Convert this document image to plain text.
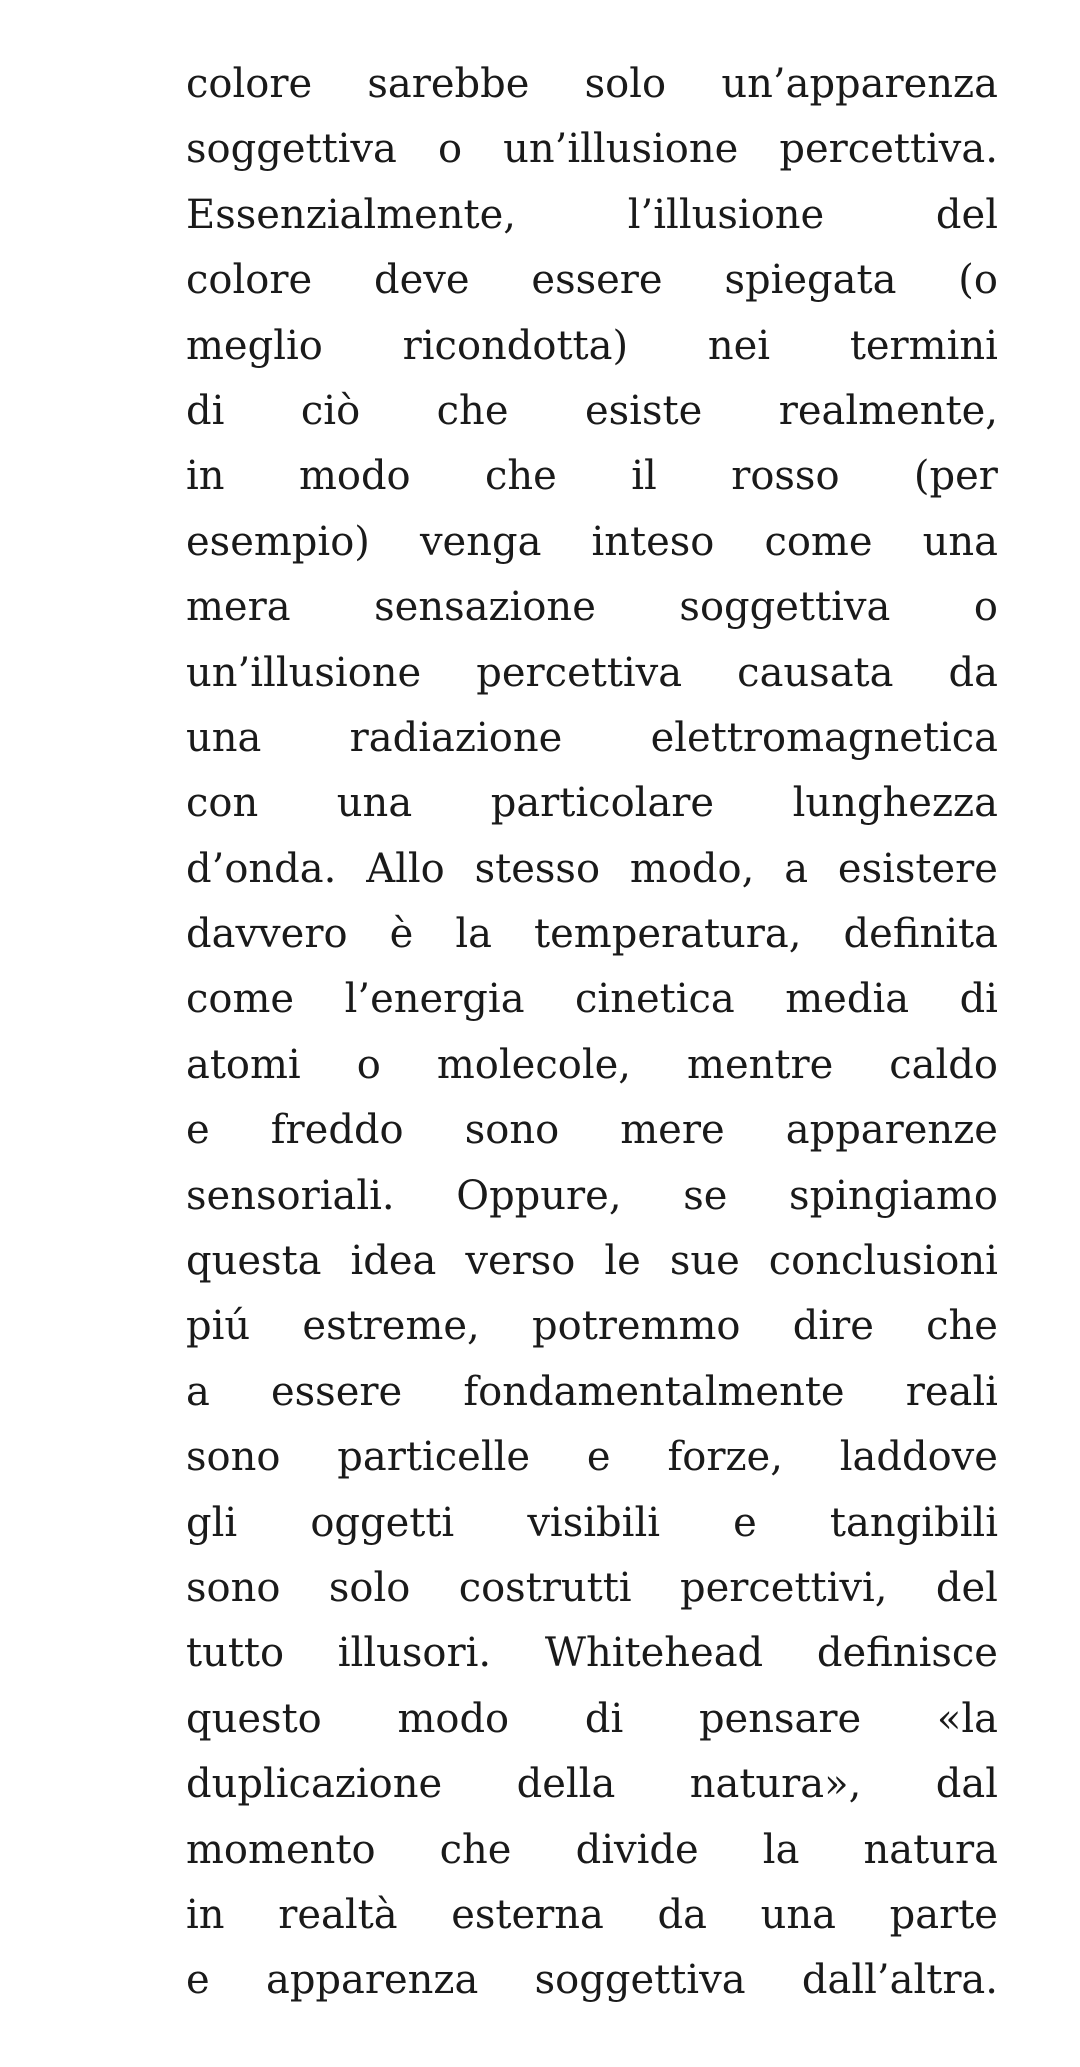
colore sarebbe solo un’apparenza
soggettiva o un’illusione percettiva.
Essenzialmente,	l’illusione	del
colore deve essere spiegata (o
meglio ricondotta) nei termini
di ciò che esiste realmente,
in modo che il rosso (per
esempio) venga inteso come una
mera sensazione soggettiva o
un’illusione percettiva causata da
una radiazione elettromagnetica
con una particolare lunghezza
d’onda. Allo stesso modo, a esistere
davvero è la temperatura, definita
come l’energia cinetica media di
atomi o molecole, mentre caldo
e freddo sono mere apparenze
sensoriali. Oppure, se spingiamo
questa idea verso le sue conclusioni
piú estreme, potremmo dire che
a essere fondamentalmente reali
sono particelle e forze, laddove
gli oggetti visibili e tangibili
sono solo costrutti percettivi, del
tutto illusori. Whitehead definisce
questo modo di pensare «la
duplicazione della natura», dal
momento che divide la natura
in realtà esterna da una parte
e apparenza soggettiva dall’altra.
